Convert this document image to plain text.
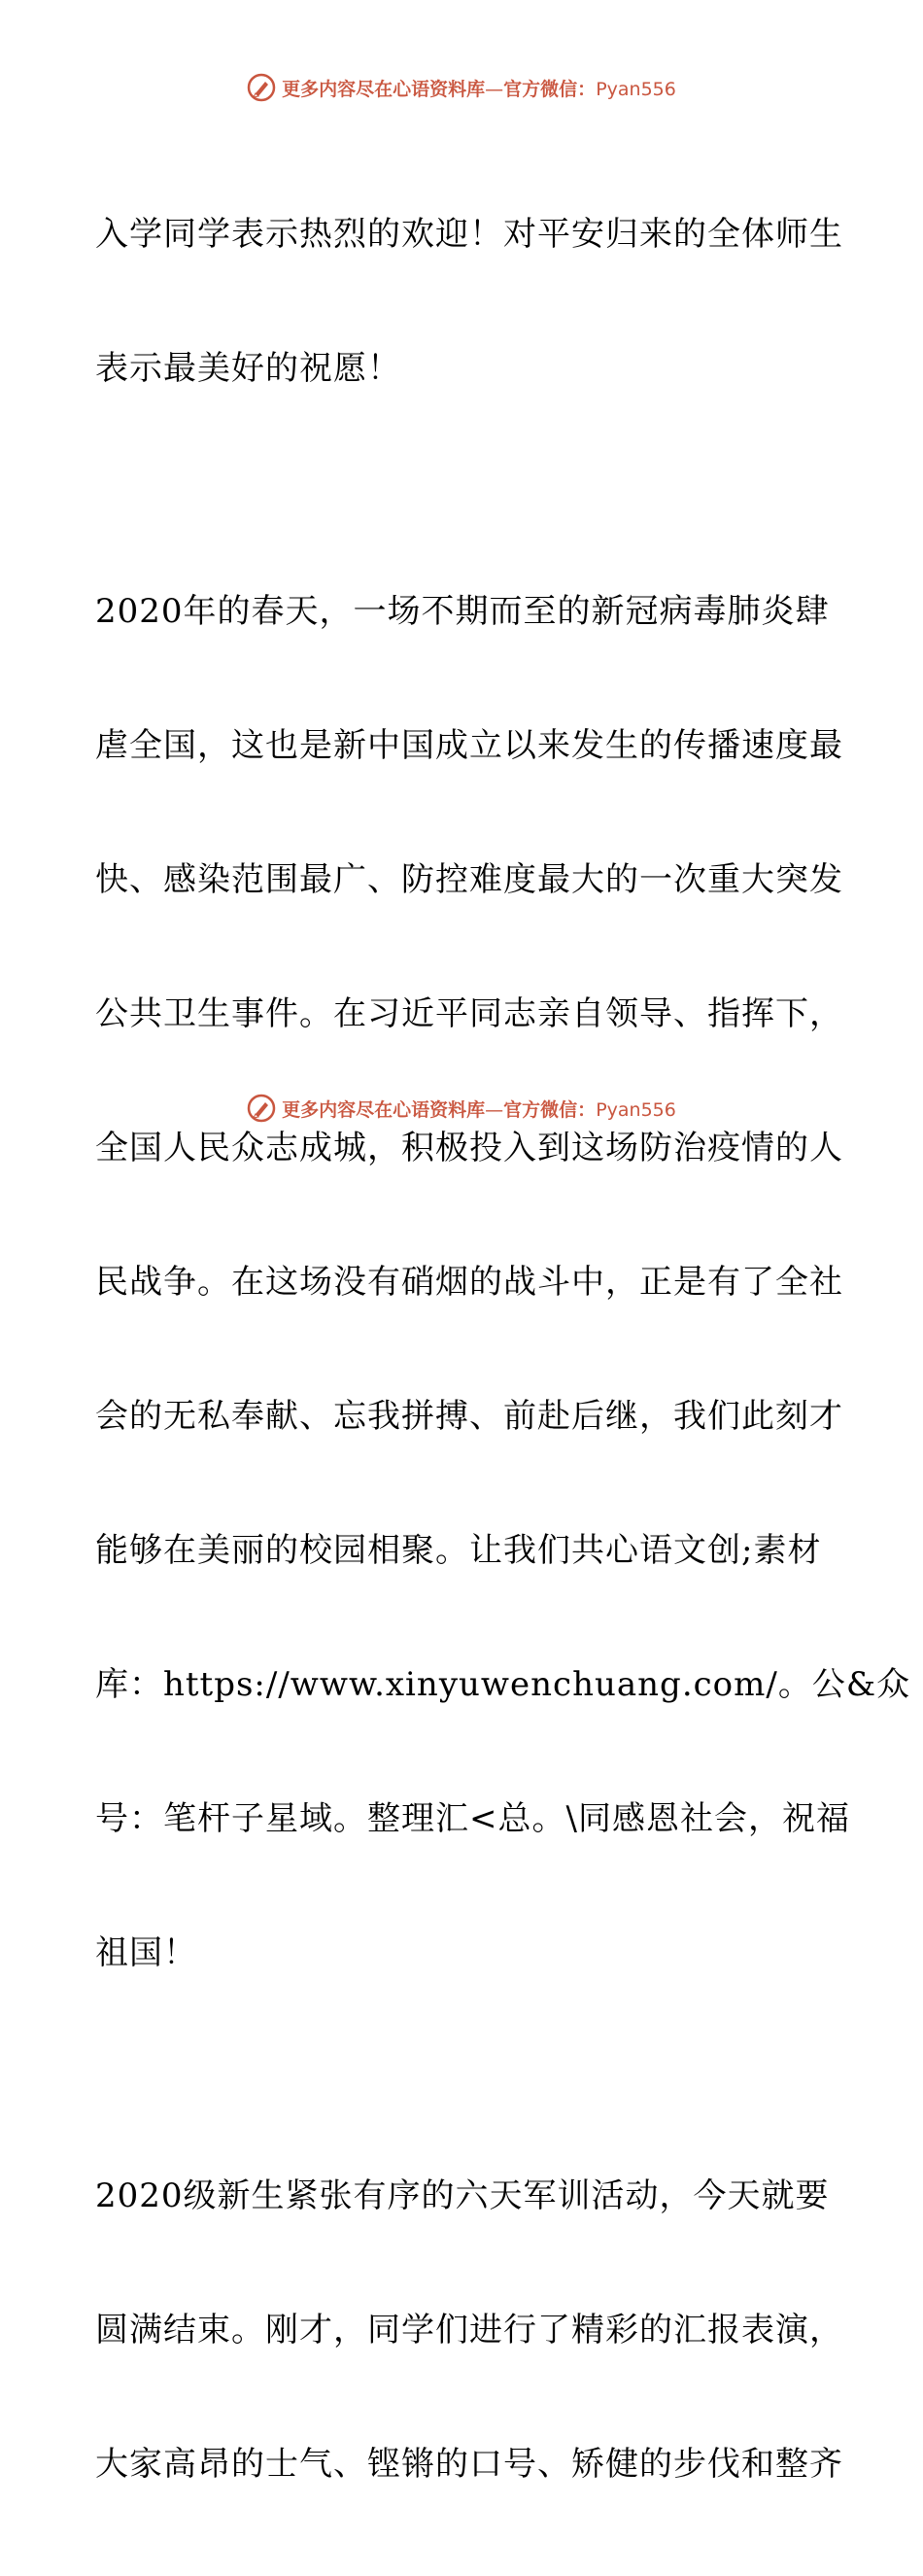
更多内容尽在心语资料库—官方微信：Pyan556

入学同学表示热烈的欢迎！对平安归来的全体师生

表示最美好的祝愿！

2020年的春天，一场不期而至的新冠病毒肺炎肆

虐全国，这也是新中国成立以来发生的传播速度最

快、感染范围最广、防控难度最大的一次重大突发

公共卫生事件。在习近平同志亲自领导、指挥下，

全国人民众志成城，积极投入到这场防治疫情的人

民战争。在这场没有硝烟的战斗中，正是有了全社

会的无私奉献、忘我拼搏、前赴后继，我们此刻才

能够在美丽的校园相聚。让我们共心语文创;素材

库：https://www.xinyuwenchuang.com/。公&众

号：笔杆子星域。整理汇<总。\同感恩社会，祝福

祖国！

2020级新生紧张有序的六天军训活动，今天就要

圆满结束。刚才，同学们进行了精彩的汇报表演，

大家高昂的士气、铿锵的口号、矫健的步伐和整齐

更多内容尽在心语资料库—官方微信：Pyan556
